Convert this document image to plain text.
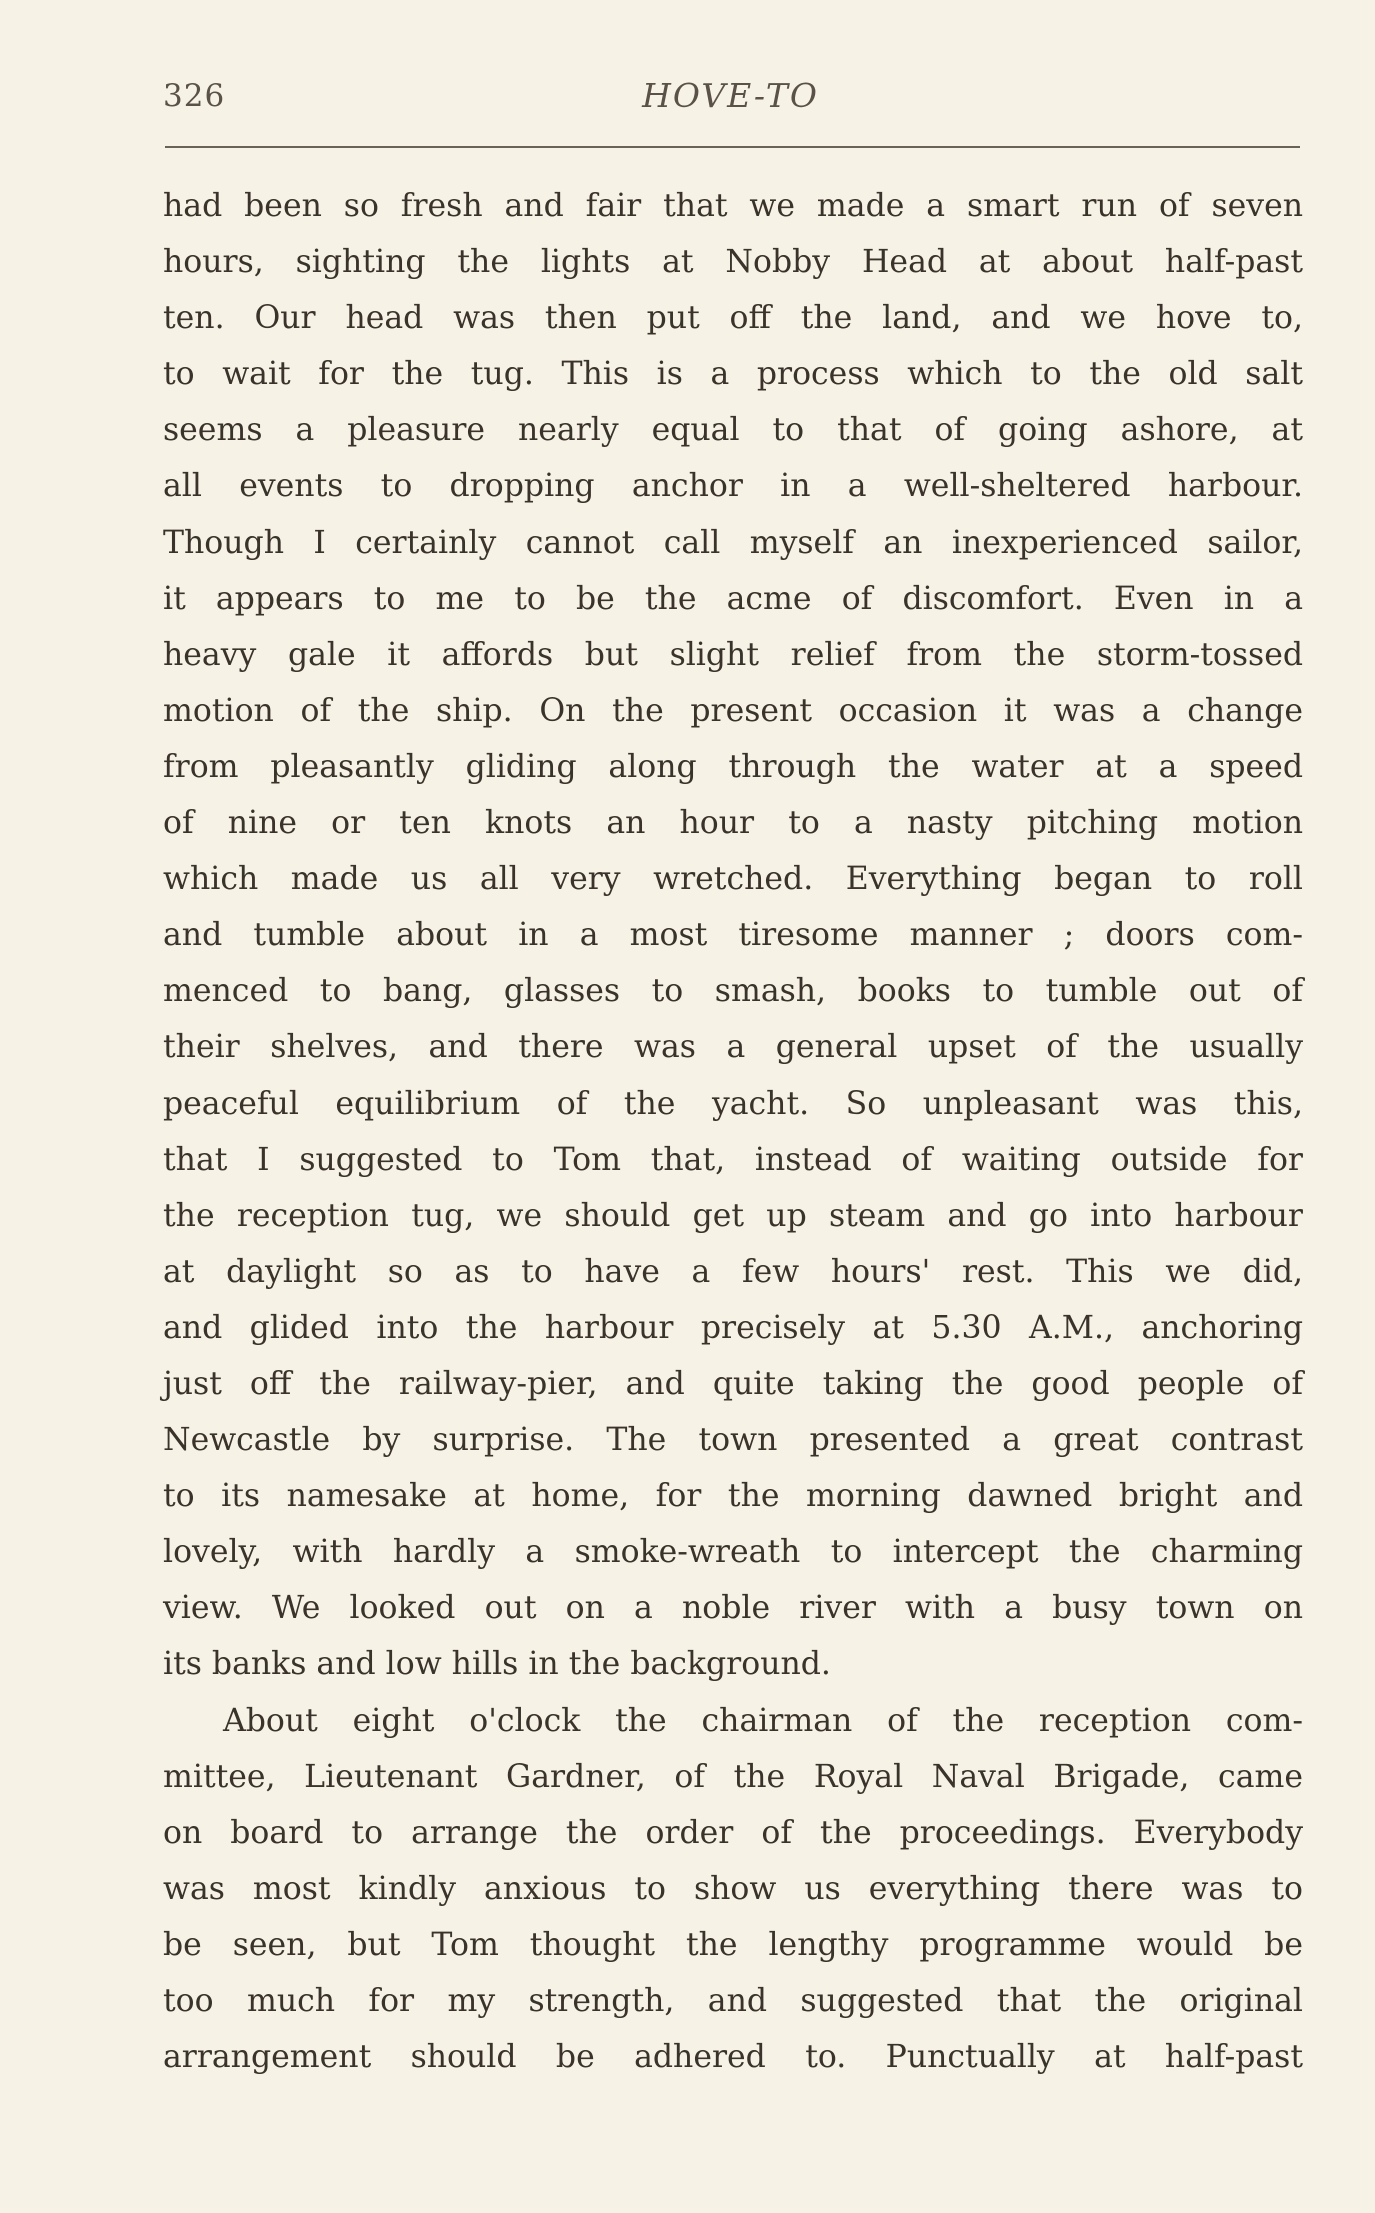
326	HOVE-TO
had been so fresh and fair that we made a smart run of seven
hours, sighting the lights at Nobby Head at about half-past
ten. Our head was then put off the land, and we hove to,
to wait for the tug. This is a process which to the old salt
seems a pleasure nearly equal to that of going ashore, at
all events to dropping anchor in a well-sheltered harbour.
Though I certainly cannot call myself an inexperienced sailor,
it appears to me to be the acme of discomfort. Even in a
heavy gale it affords but slight relief from the storm-tossed
motion of the ship. On the present occasion it was a change
from pleasantly gliding along through the water at a speed
of nine or ten knots an hour to a nasty pitching motion
which made us all very wretched. Everything began to roll
and tumble about in a most tiresome manner ; doors com-
menced to bang, glasses to smash, books to tumble out of
their shelves, and there was a general upset of the usually
peaceful equilibrium of the yacht. So unpleasant was this,
that I suggested to Tom that, instead of waiting outside for
the reception tug, we should get up steam and go into harbour
at daylight so as to have a few hours' rest. This we did,
and glided into the harbour precisely at 5.30 A.M., anchoring
just off the railway-pier, and quite taking the good people of
Newcastle by surprise. The town presented a great contrast
to its namesake at home, for the morning dawned bright and
lovely, with hardly a smoke-wreath to intercept the charming
view. We looked out on a noble river with a busy town on
its banks and low hills in the background.
About eight o'clock the chairman of the reception com-
mittee, Lieutenant Gardner, of the Royal Naval Brigade, came
on board to arrange the order of the proceedings. Everybody
was most kindly anxious to show us everything there was to
be seen, but Tom thought the lengthy programme would be
too much for my strength, and suggested that the original
arrangement should be adhered to. Punctually at half-past
